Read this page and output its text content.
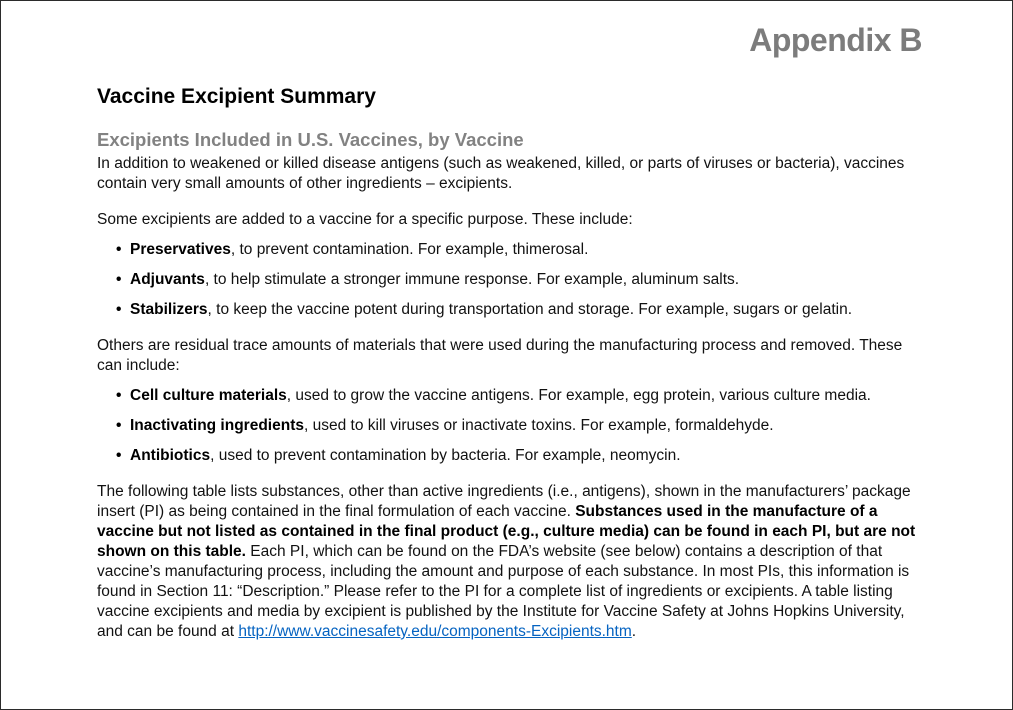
Appendix B
Vaccine Excipient Summary
Excipients Included in U.S. Vaccines, by Vaccine

In addition to weakened or killed disease antigens (such as weakened, killed, or parts of viruses or bacteria), vaccines contain very small amounts of other ingredients – excipients.

Some excipients are added to a vaccine for a specific purpose. These include:

• Preservatives, to prevent contamination. For example, thimerosal.
• Adjuvants, to help stimulate a stronger immune response. For example, aluminum salts.
• Stabilizers, to keep the vaccine potent during transportation and storage. For example, sugars or gelatin.

Others are residual trace amounts of materials that were used during the manufacturing process and removed. These can include:

• Cell culture materials, used to grow the vaccine antigens. For example, egg protein, various culture media.
• Inactivating ingredients, used to kill viruses or inactivate toxins. For example, formaldehyde.
• Antibiotics, used to prevent contamination by bacteria. For example, neomycin.

The following table lists substances, other than active ingredients (i.e., antigens), shown in the manufacturers’ package insert (PI) as being contained in the final formulation of each vaccine. Substances used in the manufacture of a vaccine but not listed as contained in the final product (e.g., culture media) can be found in each PI, but are not shown on this table. Each PI, which can be found on the FDA’s website (see below) contains a description of that vaccine’s manufacturing process, including the amount and purpose of each substance. In most PIs, this information is found in Section 11: “Description.” Please refer to the PI for a complete list of ingredients or excipients. A table listing vaccine excipients and media by excipient is published by the Institute for Vaccine Safety at Johns Hopkins University, and can be found at http://www.vaccinesafety.edu/components-Excipients.htm.
